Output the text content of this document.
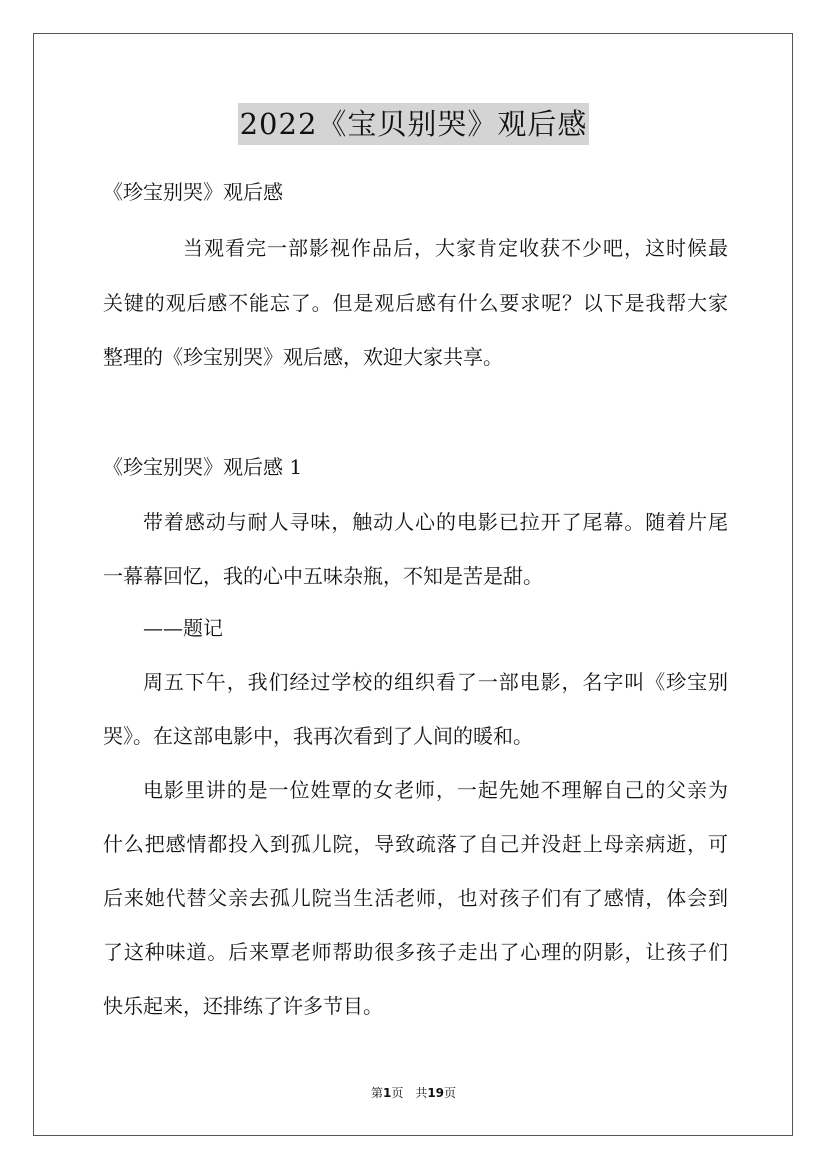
2022《宝贝别哭》观后感

《珍宝别哭》观后感

当观看完一部影视作品后，大家肯定收获不少吧，这时候最

关键的观后感不能忘了。但是观后感有什么要求呢？以下是我帮大家

整理的《珍宝别哭》观后感，欢迎大家共享。

《珍宝别哭》观后感 1

带着感动与耐人寻味，触动人心的电影已拉开了尾幕。随着片尾

一幕幕回忆，我的心中五味杂瓶，不知是苦是甜。

——题记

周五下午，我们经过学校的组织看了一部电影，名字叫《珍宝别

哭》。在这部电影中，我再次看到了人间的暖和。

电影里讲的是一位姓覃的女老师，一起先她不理解自己的父亲为

什么把感情都投入到孤儿院，导致疏落了自己并没赶上母亲病逝，可

后来她代替父亲去孤儿院当生活老师，也对孩子们有了感情，体会到

了这种味道。后来覃老师帮助很多孩子走出了心理的阴影，让孩子们

快乐起来，还排练了许多节目。

第1页　共19页
